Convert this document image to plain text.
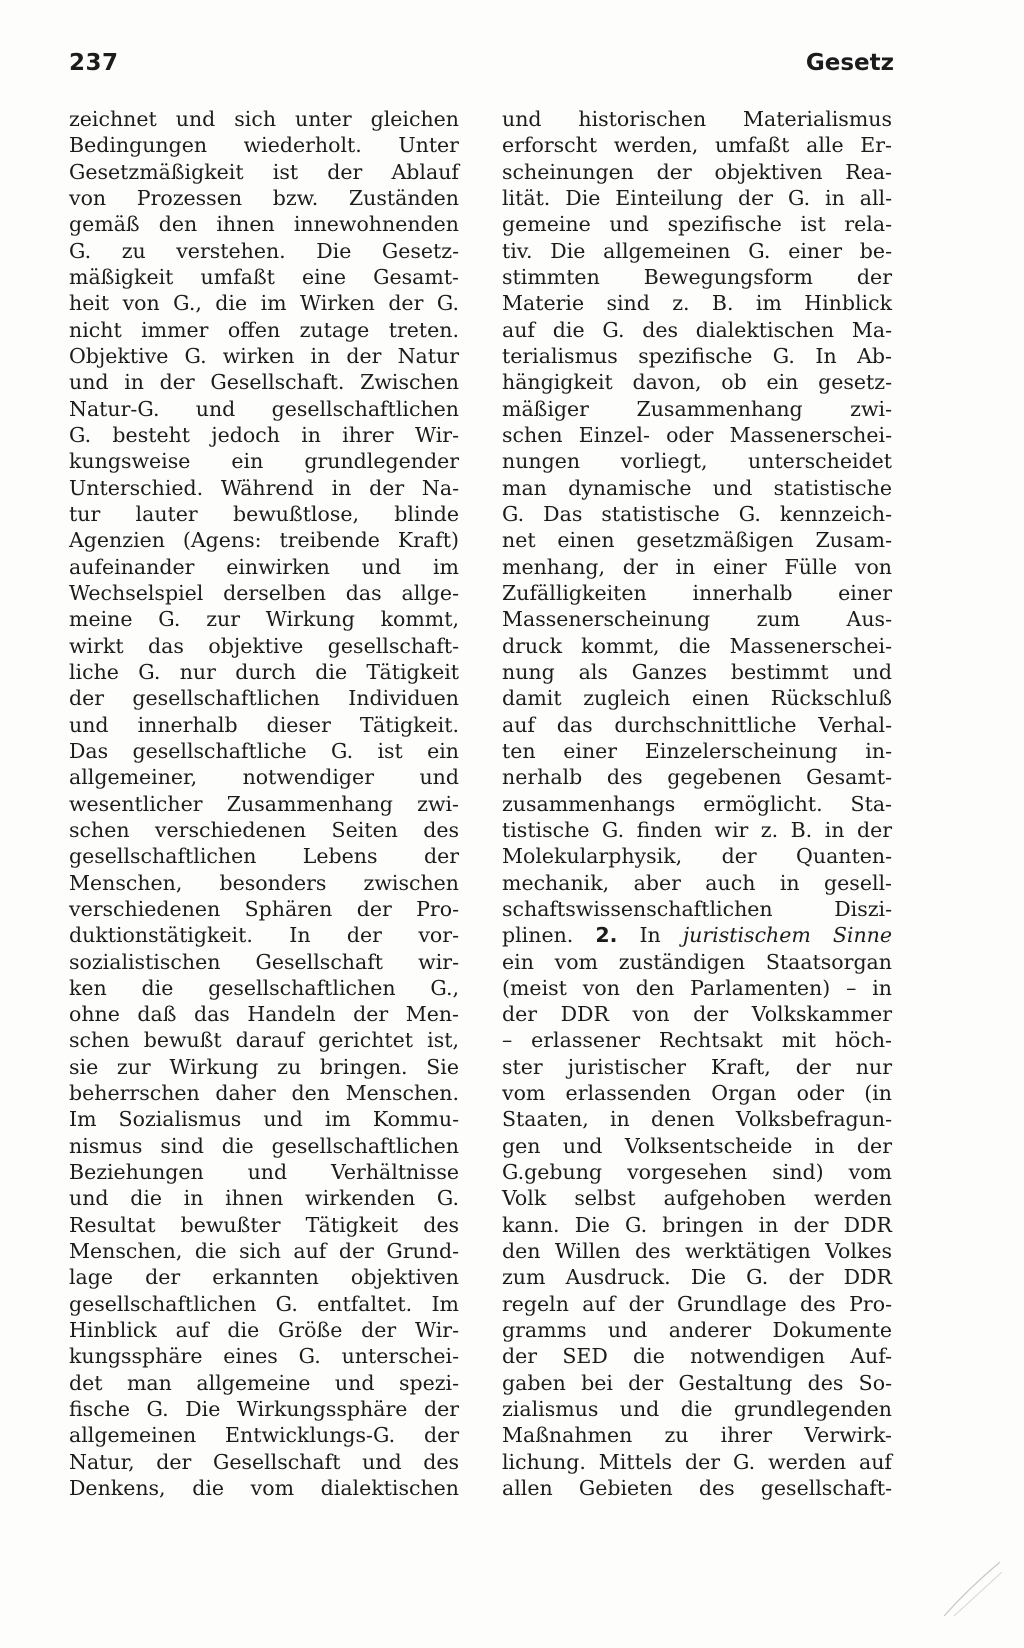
237	Gesetz
zeichnet und sich unter gleichen
Bedingungen wiederholt. Unter
Gesetzmäßigkeit ist der Ablauf
von Prozessen bzw. Zuständen
gemäß den ihnen innewohnenden
G. zu verstehen. Die Gesetz-
mäßigkeit umfaßt eine Gesamt-
heit von G., die im Wirken der G.
nicht immer offen zutage treten.
Objektive G. wirken in der Natur
und in der Gesellschaft. Zwischen
Natur-G. und gesellschaftlichen
G. besteht jedoch in ihrer Wir-
kungsweise ein grundlegender
Unterschied. Während in der Na-
tur lauter bewußtlose, blinde
Agenzien (Agens: treibende Kraft)
aufeinander einwirken und im
Wechselspiel derselben das allge-
meine G. zur Wirkung kommt,
wirkt das objektive gesellschaft-
liche G. nur durch die Tätigkeit
der gesellschaftlichen Individuen
und innerhalb dieser Tätigkeit.
Das gesellschaftliche G. ist ein
allgemeiner, notwendiger und
wesentlicher Zusammenhang zwi-
schen verschiedenen Seiten des
gesellschaftlichen Lebens der
Menschen, besonders zwischen
verschiedenen Sphären der Pro-
duktionstätigkeit. In der vor-
sozialistischen Gesellschaft wir-
ken die gesellschaftlichen G.,
ohne daß das Handeln der Men-
schen bewußt darauf gerichtet ist,
sie zur Wirkung zu bringen. Sie
beherrschen daher den Menschen.
Im Sozialismus und im Kommu-
nismus sind die gesellschaftlichen
Beziehungen und Verhältnisse
und die in ihnen wirkenden G.
Resultat bewußter Tätigkeit des
Menschen, die sich auf der Grund-
lage der erkannten objektiven
gesellschaftlichen G. entfaltet. Im
Hinblick auf die Größe der Wir-
kungssphäre eines G. unterschei-
det man allgemeine und spezi-
fische G. Die Wirkungssphäre der
allgemeinen Entwicklungs-G. der
Natur, der Gesellschaft und des
Denkens, die vom dialektischen
und historischen Materialismus
erforscht werden, umfaßt alle Er-
scheinungen der objektiven Rea-
lität. Die Einteilung der G. in all-
gemeine und spezifische ist rela-
tiv. Die allgemeinen G. einer be-
stimmten Bewegungsform der
Materie sind z. B. im Hinblick
auf die G. des dialektischen Ma-
terialismus spezifische G. In Ab-
hängigkeit davon, ob ein gesetz-
mäßiger Zusammenhang zwi-
schen Einzel- oder Massenerschei-
nungen vorliegt, unterscheidet
man dynamische und statistische
G. Das statistische G. kennzeich-
net einen gesetzmäßigen Zusam-
menhang, der in einer Fülle von
Zufälligkeiten innerhalb einer
Massenerscheinung zum Aus-
druck kommt, die Massenerschei-
nung als Ganzes bestimmt und
damit zugleich einen Rückschluß
auf das durchschnittliche Verhal-
ten einer Einzelerscheinung in-
nerhalb des gegebenen Gesamt-
zusammenhangs ermöglicht. Sta-
tistische G. finden wir z. B. in der
Molekularphysik, der Quanten-
mechanik, aber auch in gesell-
schaftswissenschaftlichen Diszi-
plinen. 2. In juristischem Sinne
ein vom zuständigen Staatsorgan
(meist von den Parlamenten) – in
der DDR von der Volkskammer
– erlassener Rechtsakt mit höch-
ster juristischer Kraft, der nur
vom erlassenden Organ oder (in
Staaten, in denen Volksbefragun-
gen und Volksentscheide in der
G.gebung vorgesehen sind) vom
Volk selbst aufgehoben werden
kann. Die G. bringen in der DDR
den Willen des werktätigen Volkes
zum Ausdruck. Die G. der DDR
regeln auf der Grundlage des Pro-
gramms und anderer Dokumente
der SED die notwendigen Auf-
gaben bei der Gestaltung des So-
zialismus und die grundlegenden
Maßnahmen zu ihrer Verwirk-
lichung. Mittels der G. werden auf
allen Gebieten des gesellschaft-
